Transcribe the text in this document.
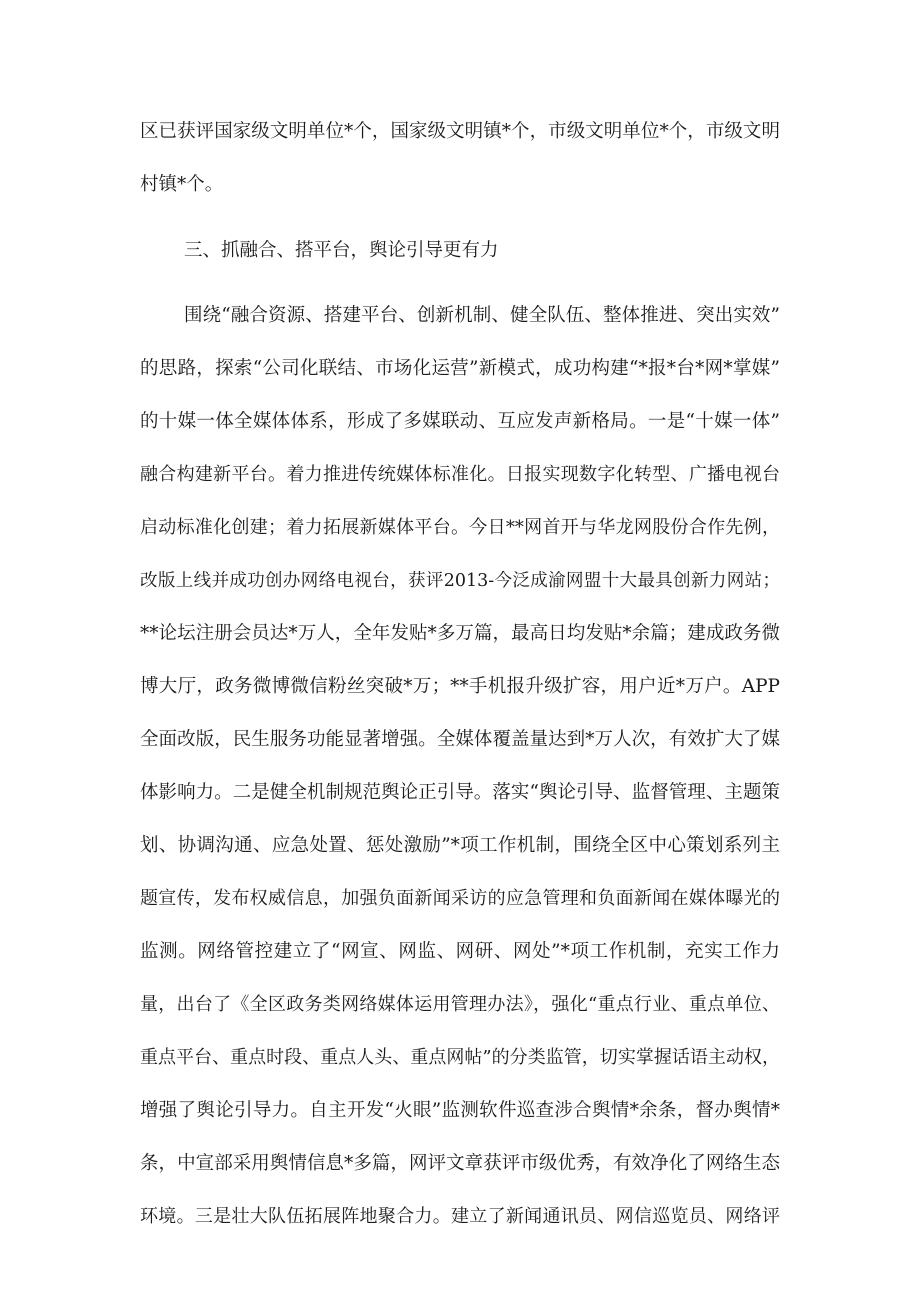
区已获评国家级文明单位*个，国家级文明镇*个，市级文明单位*个，市级文明
村镇*个。
三、抓融合、搭平台，舆论引导更有力
围绕“融合资源、搭建平台、创新机制、健全队伍、整体推进、突出实效”
的思路，探索“公司化联结、市场化运营”新模式，成功构建“*报*台*网*掌媒”
的十媒一体全媒体体系，形成了多媒联动、互应发声新格局。一是“十媒一体”
融合构建新平台。着力推进传统媒体标准化。日报实现数字化转型、广播电视台
启动标准化创建；着力拓展新媒体平台。今日**网首开与华龙网股份合作先例，
改版上线并成功创办网络电视台，获评2013-今泛成渝网盟十大最具创新力网站；
**论坛注册会员达*万人，全年发贴*多万篇，最高日均发贴*余篇；建成政务微
博大厅，政务微博微信粉丝突破*万；**手机报升级扩容，用户近*万户。APP
全面改版，民生服务功能显著增强。全媒体覆盖量达到*万人次，有效扩大了媒
体影响力。二是健全机制规范舆论正引导。落实“舆论引导、监督管理、主题策
划、协调沟通、应急处置、惩处激励”*项工作机制，围绕全区中心策划系列主
题宣传，发布权威信息，加强负面新闻采访的应急管理和负面新闻在媒体曝光的
监测。网络管控建立了“网宣、网监、网研、网处”*项工作机制，充实工作力
量，出台了《全区政务类网络媒体运用管理办法》，强化“重点行业、重点单位、
重点平台、重点时段、重点人头、重点网帖”的分类监管，切实掌握话语主动权，
增强了舆论引导力。自主开发“火眼”监测软件巡查涉合舆情*余条，督办舆情*
条，中宣部采用舆情信息*多篇，网评文章获评市级优秀，有效净化了网络生态
环境。三是壮大队伍拓展阵地聚合力。建立了新闻通讯员、网信巡览员、网络评
